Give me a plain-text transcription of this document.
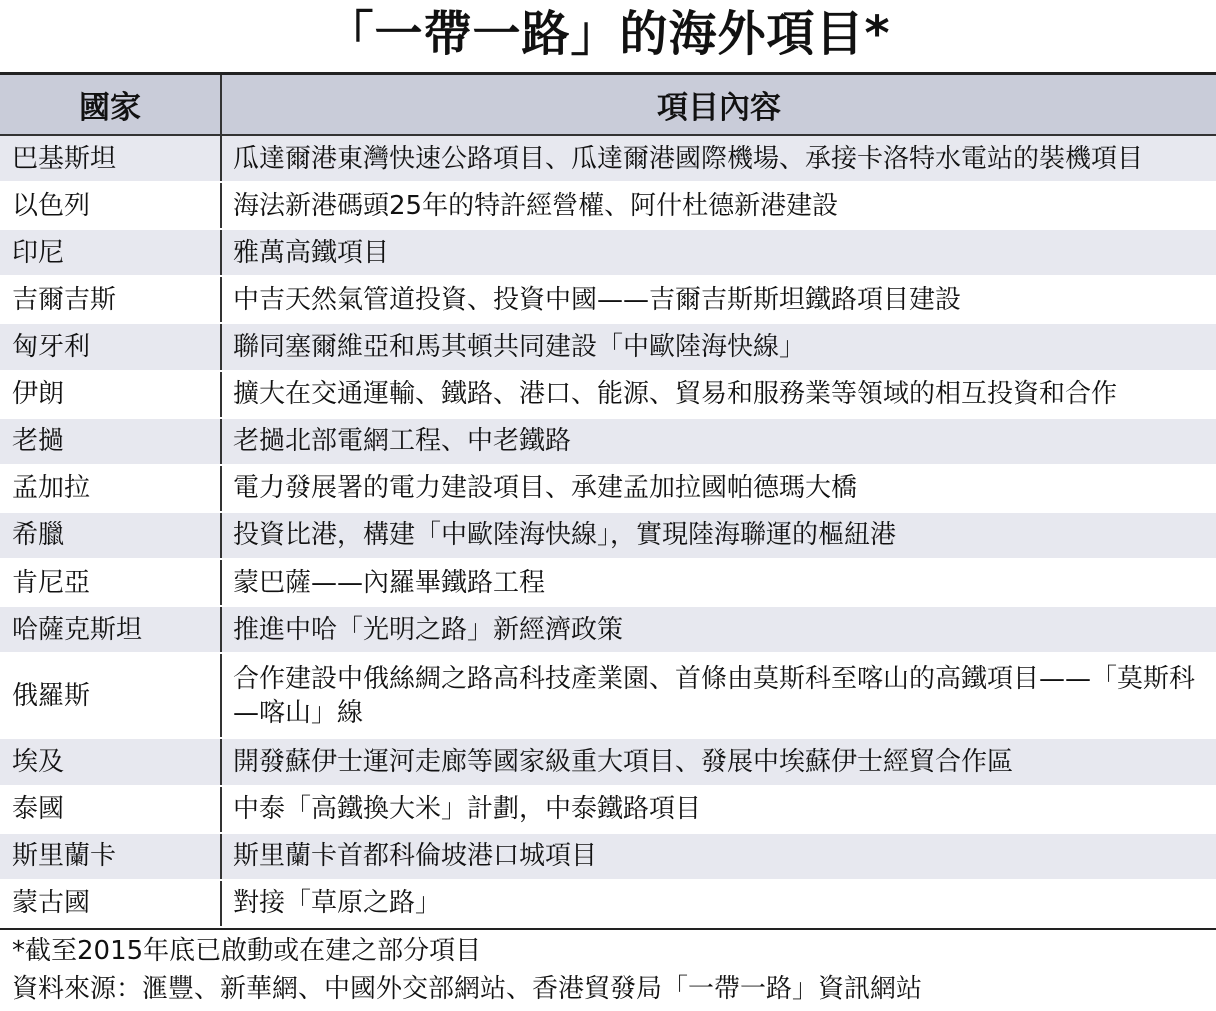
「一帶一路」的海外項目*
國家	項目內容
巴基斯坦	瓜達爾港東灣快速公路項目、瓜達爾港國際機場、承接卡洛特水電站的裝機項目
以色列	海法新港碼頭25年的特許經營權、阿什杜德新港建設
印尼	雅萬高鐵項目
吉爾吉斯	中吉天然氣管道投資、投資中國——吉爾吉斯斯坦鐵路項目建設
匈牙利	聯同塞爾維亞和馬其頓共同建設「中歐陸海快線」
伊朗	擴大在交通運輸、鐵路、港口、能源、貿易和服務業等領域的相互投資和合作
老撾	老撾北部電網工程、中老鐵路
孟加拉	電力發展署的電力建設項目、承建孟加拉國帕德瑪大橋
希臘	投資比港，構建「中歐陸海快線」，實現陸海聯運的樞紐港
肯尼亞	蒙巴薩——內羅畢鐵路工程
哈薩克斯坦	推進中哈「光明之路」新經濟政策
俄羅斯	合作建設中俄絲綢之路高科技產業園、首條由莫斯科至喀山的高鐵項目——「莫斯科—喀山」線
埃及	開發蘇伊士運河走廊等國家級重大項目、發展中埃蘇伊士經貿合作區
泰國	中泰「高鐵換大米」計劃，中泰鐵路項目
斯里蘭卡	斯里蘭卡首都科倫坡港口城項目
蒙古國	對接「草原之路」
*截至2015年底已啟動或在建之部分項目
資料來源：滙豐、新華網、中國外交部網站、香港貿發局「一帶一路」資訊網站
